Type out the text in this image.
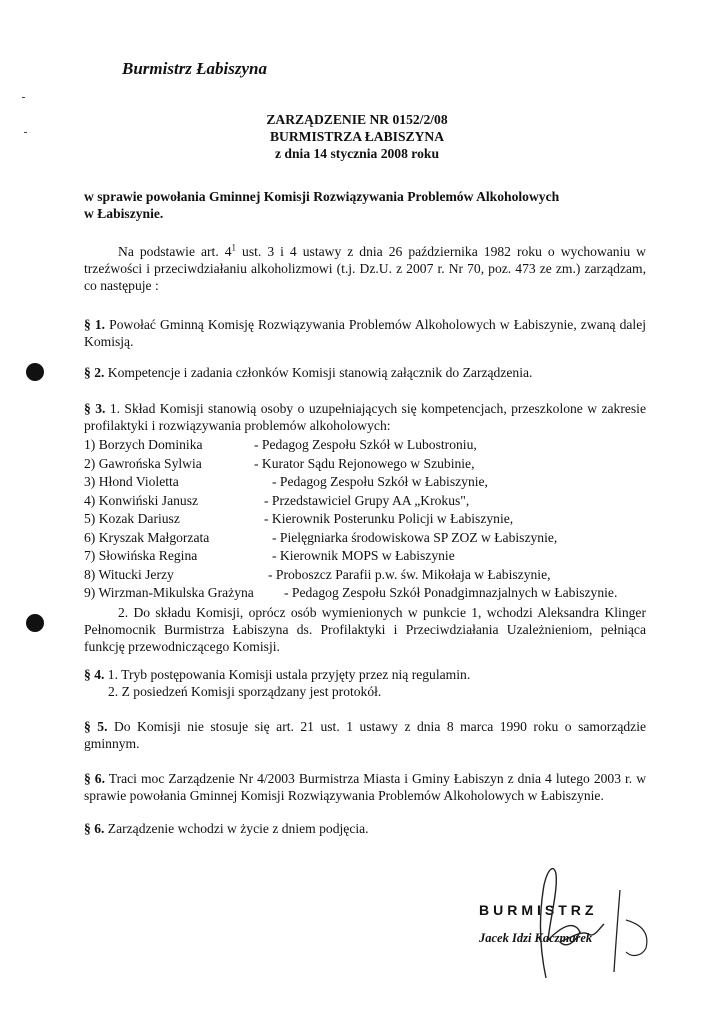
Burmistrz Łabiszyna
ZARZĄDZENIE NR 0152/2/08
BURMISTRZA ŁABISZYNA
z dnia 14 stycznia 2008 roku
w sprawie powołania Gminnej Komisji Rozwiązywania Problemów Alkoholowych
w Łabiszynie.
Na podstawie art. $4^1$ ust. 3 i 4 ustawy z dnia 26 października 1982 roku o wychowaniu w trzeźwości i przeciwdziałaniu alkoholizmowi (t.j. Dz.U. z 2007 r. Nr 70, poz. 473 ze zm.) zarządzam, co następuje :
§ 1. Powołać Gminną Komisję Rozwiązywania Problemów Alkoholowych w Łabiszynie, zwaną dalej Komisją.
§ 2. Kompetencje i zadania członków Komisji stanowią załącznik do Zarządzenia.
§ 3. 1. Skład Komisji stanowią osoby o uzupełniających się kompetencjach, przeszkolone w zakresie profilaktyki i rozwiązywania problemów alkoholowych:
1) Borzych Dominika	- Pedagog Zespołu Szkół w Lubostroniu,
2) Gawrońska Sylwia	- Kurator Sądu Rejonowego w Szubinie,
3) Hłond Violetta	- Pedagog Zespołu Szkół w Łabiszynie,
4) Konwiński Janusz	- Przedstawiciel Grupy AA „Krokus",
5) Kozak Dariusz	- Kierownik Posterunku Policji w Łabiszynie,
6) Kryszak Małgorzata	- Pielęgniarka środowiskowa SP ZOZ w Łabiszynie,
7) Słowińska Regina	- Kierownik MOPS w Łabiszynie
8) Witucki Jerzy	- Proboszcz Parafii p.w. św. Mikołaja w Łabiszynie,
9) Wirzman-Mikulska Grażyna - Pedagog Zespołu Szkół Ponadgimnazjalnych w Łabiszynie.
2. Do składu Komisji, oprócz osób wymienionych w punkcie 1, wchodzi Aleksandra Klinger Pełnomocnik Burmistrza Łabiszyna ds. Profilaktyki i Przeciwdziałania Uzależnieniom, pełniąca funkcję przewodniczącego Komisji.
§ 4. 1. Tryb postępowania Komisji ustala przyjęty przez nią regulamin.
2. Z posiedzeń Komisji sporządzany jest protokół.
§ 5. Do Komisji nie stosuje się art. 21 ust. 1 ustawy z dnia 8 marca 1990 roku o samorządzie gminnym.
§ 6. Traci moc Zarządzenie Nr 4/2003 Burmistrza Miasta i Gminy Łabiszyn z dnia 4 lutego 2003 r. w sprawie powołania Gminnej Komisji Rozwiązywania Problemów Alkoholowych w Łabiszynie.
§ 6. Zarządzenie wchodzi w życie z dniem podjęcia.
BURMISTRZ
Jacek Idzi Kaczmarek
